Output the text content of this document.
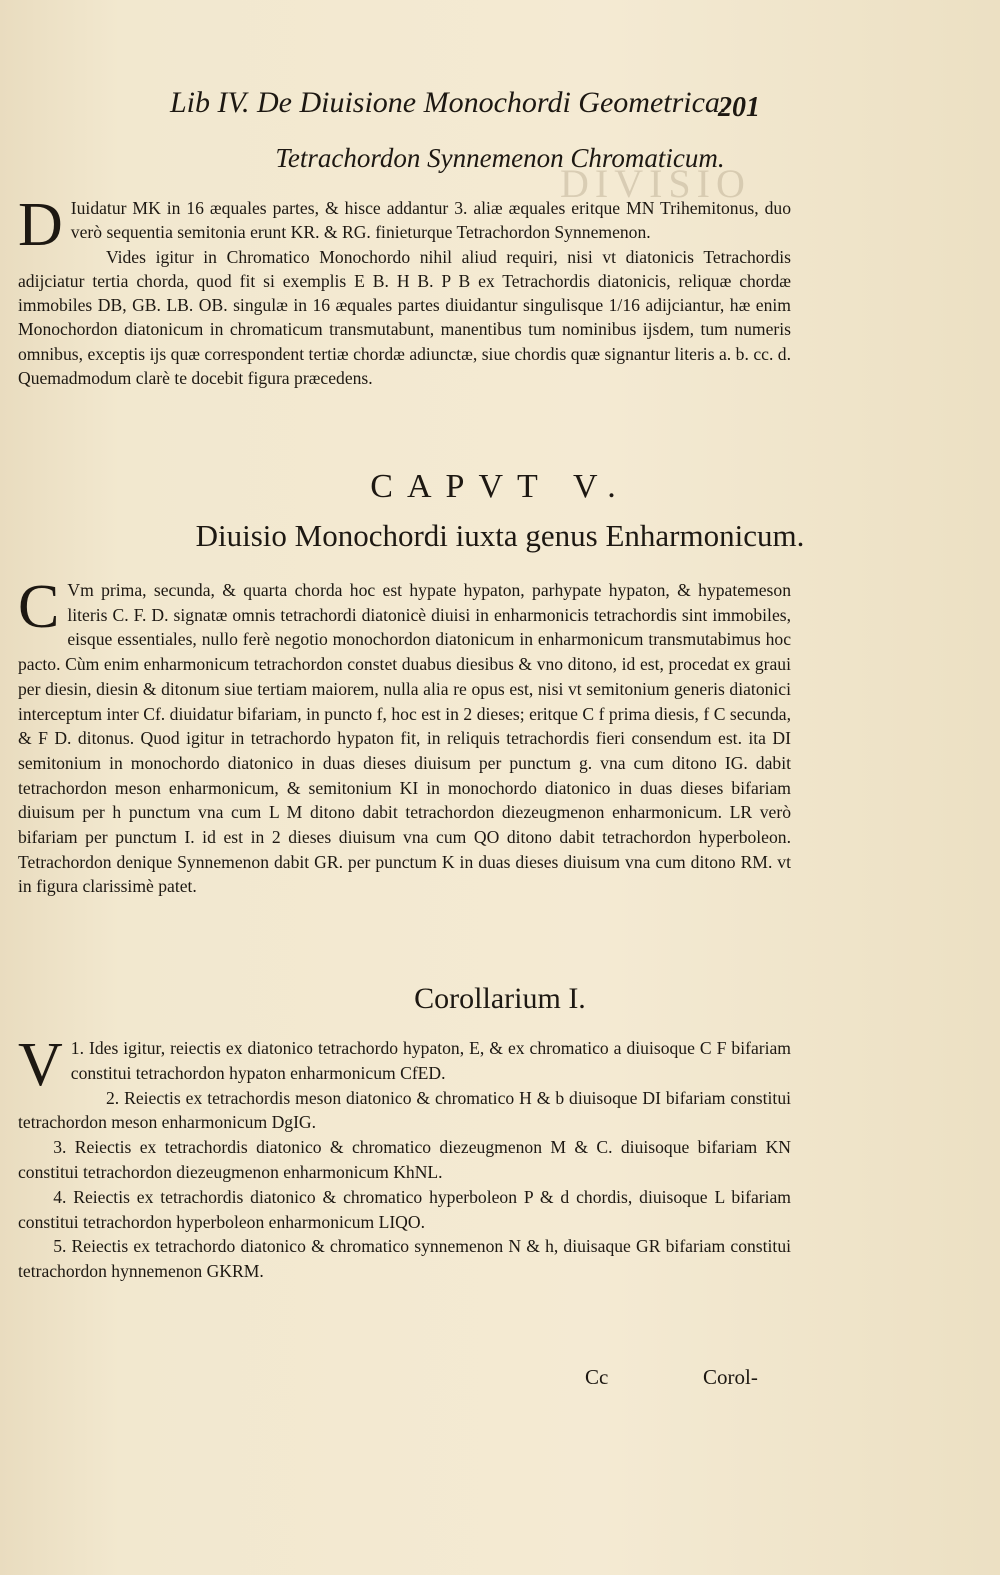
DIVISIO
Lib IV. De Diuisione Monochordi Geometrica.
201
Tetrachordon Synnemenon Chromaticum.

D Iuidatur MK in 16 æquales partes, & hisce addantur 3. aliæ æquales eritque MN Trihemitonus, duo verò sequentia semitonia erunt KR. & RG. finieturque Tetrachordon Synnemenon.

Vides igitur in Chromatico Monochordo nihil aliud requiri, nisi vt diatonicis Tetrachordis adijciatur tertia chorda, quod fit si exemplis E B. H B. P B ex Tetrachordis diatonicis, reliquæ chordæ immobiles DB, GB. LB. OB. singulæ in 16 æquales partes diuidantur singulisque 1/16 adijciantur, hæ enim Monochordon diatonicum in chromaticum transmutabunt, manentibus tum nominibus ijsdem, tum numeris omnibus, exceptis ijs quæ correspondent tertiæ chordæ adiunctæ, siue chordis quæ signantur literis a. b. cc. d. Quemadmodum clarè te docebit figura præcedens.

CAPVT V.
Diuisio Monochordi iuxta genus Enharmonicum.

C Vm prima, secunda, & quarta chorda hoc est hypate hypaton, parhypate hypaton, & hypatemeson literis C. F. D. signatæ omnis tetrachordi diatonicè diuisi in enharmonicis tetrachordis sint immobiles, eisque essentiales, nullo ferè negotio monochordon diatonicum in enharmonicum transmutabimus hoc pacto. Cùm enim enharmonicum tetrachordon constet duabus diesibus & vno ditono, id est, procedat ex graui per diesin, diesin & ditonum siue tertiam maiorem, nulla alia re opus est, nisi vt semitonium generis diatonici interceptum inter Cf. diuidatur bifariam, in puncto f, hoc est in 2 dieses; eritque C f prima diesis, f C secunda, & F D. ditonus. Quod igitur in tetrachordo hypaton fit, in reliquis tetrachordis fieri consendum est. ita DI semitonium in monochordo diatonico in duas dieses diuisum per punctum g. vna cum ditono IG. dabit tetrachordon meson enharmonicum, & semitonium KI in monochordo diatonico in duas dieses bifariam diuisum per h punctum vna cum L M ditono dabit tetrachordon diezeugmenon enharmonicum. LR verò bifariam per punctum I. id est in 2 dieses diuisum vna cum QO ditono dabit tetrachordon hyperboleon. Tetrachordon denique Synnemenon dabit GR. per punctum K in duas dieses diuisum vna cum ditono RM. vt in figura clarissimè patet.

Corollarium I.

1.
V Ides igitur, reiectis ex diatonico tetrachordo hypaton, E, & ex chromatico a diuisoque C F bifariam constitui tetrachordon hypaton enharmonicum CfED.

2. Reiectis ex tetrachordis meson diatonico & chromatico H & b diuisoque DI bifariam constitui tetrachordon meson enharmonicum DgIG.

3. Reiectis ex tetrachordis diatonico & chromatico diezeugmenon M & C. diuisoque bifariam KN constitui tetrachordon diezeugmenon enharmonicum KhNL.

4. Reiectis ex tetrachordis diatonico & chromatico hyperboleon P & d chordis, diuisoque L bifariam constitui tetrachordon hyperboleon enharmonicum LIQO.

5. Reiectis ex tetrachordo diatonico & chromatico synnemenon N & h, diuisaque GR bifariam constitui tetrachordon hynnemenon GKRM.

Cc	Corol-
